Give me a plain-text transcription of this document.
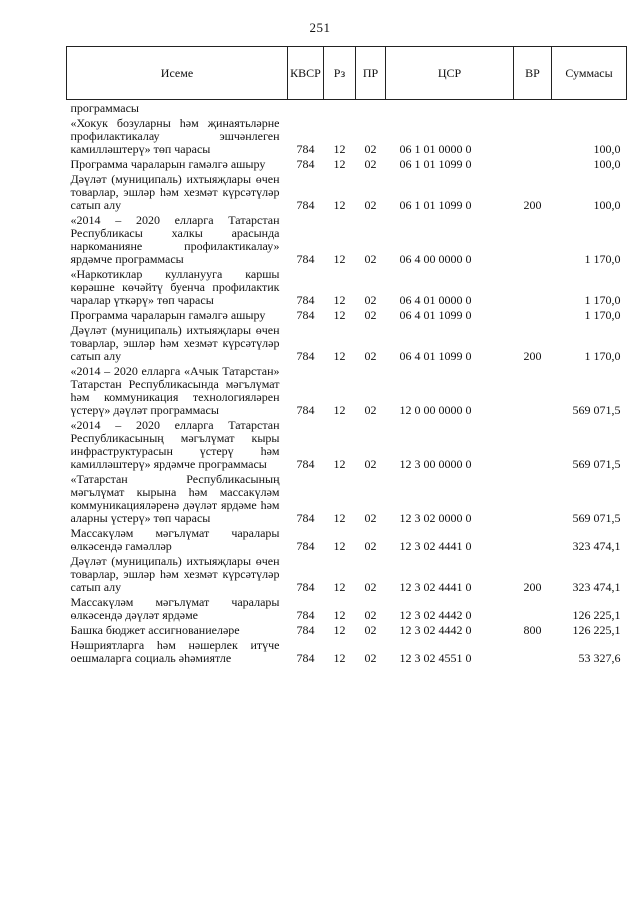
251
Исеме	КВСР	Рз	ПР	ЦСР	ВР	Суммасы
программасы						
«Хокук бозуларны һәм җинаятьләрне профилактикалау эшчәнлеген камилләштерү» төп чарасы	784	12	02	06 1 01 0000 0		100,0
Программа чараларын гамәлгә ашыру	784	12	02	06 1 01 1099 0		100,0
Дәүләт (муниципаль) ихтыяҗлары өчен товарлар, эшләр һәм хезмәт күрсәтүләр сатып алу	784	12	02	06 1 01 1099 0	200	100,0
«2014 – 2020 елларга Татарстан Республикасы халкы арасында наркоманияне профилактикалау» ярдәмче программасы	784	12	02	06 4 00 0000 0		1 170,0
«Наркотиклар кулланууга каршы көрәшне көчәйтү буенча профилактик чаралар үткәрү» төп чарасы	784	12	02	06 4 01 0000 0		1 170,0
Программа чараларын гамәлгә ашыру	784	12	02	06 4 01 1099 0		1 170,0
Дәүләт (муниципаль) ихтыяҗлары өчен товарлар, эшләр һәм хезмәт күрсәтүләр сатып алу	784	12	02	06 4 01 1099 0	200	1 170,0
«2014 – 2020 елларга «Ачык Татарстан» Татарстан Республикасында мәгълүмат һәм коммуникация технологияләрен үстерү» дәүләт программасы	784	12	02	12 0 00 0000 0		569 071,5
«2014 – 2020 елларга Татарстан Республикасының мәгълүмат кыры инфраструктурасын үстерү һәм камилләштерү» ярдәмче программасы	784	12	02	12 3 00 0000 0		569 071,5
«Татарстан Республикасының мәгълүмат кырына һәм массакүләм коммуникацияләренә дәүләт ярдәме һәм аларны үстерү» төп чарасы	784	12	02	12 3 02 0000 0		569 071,5
Массакүләм мәгълүмат чаралары өлкәсендә гамәлләр	784	12	02	12 3 02 4441 0		323 474,1
Дәүләт (муниципаль) ихтыяҗлары өчен товарлар, эшләр һәм хезмәт күрсәтүләр сатып алу	784	12	02	12 3 02 4441 0	200	323 474,1
Массакүләм мәгълүмат чаралары өлкәсендә дәүләт ярдәме	784	12	02	12 3 02 4442 0		126 225,1
Башка бюджет ассигнованиеләре	784	12	02	12 3 02 4442 0	800	126 225,1
Нәшриятларга һәм нәшерлек итүче оешмаларга социаль әһәмиятле	784	12	02	12 3 02 4551 0		53 327,6
